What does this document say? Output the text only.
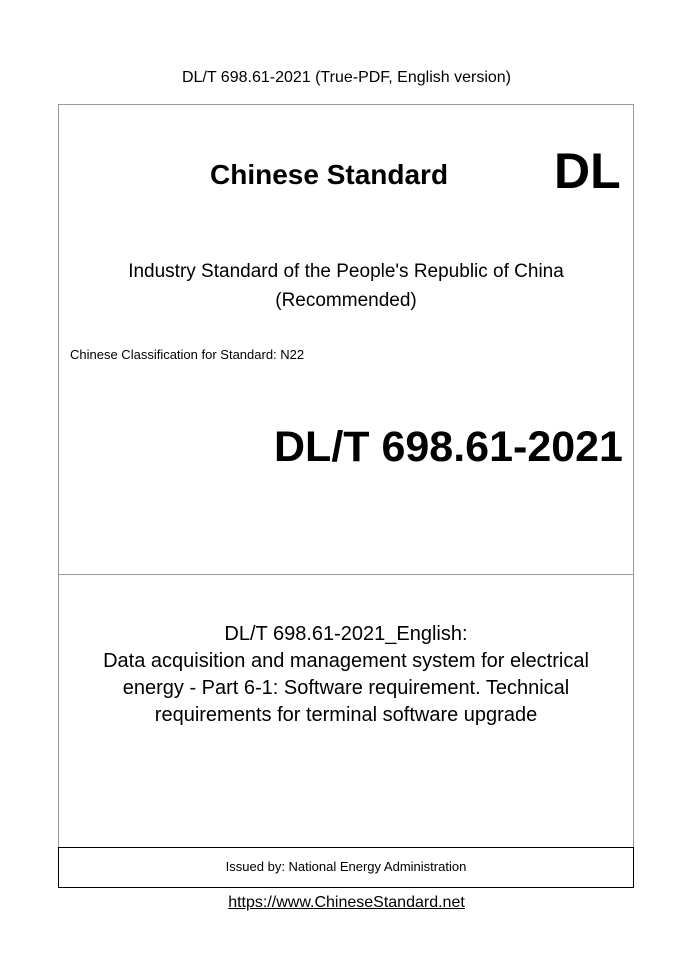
DL/T 698.61-2021 (True-PDF, English version)
Chinese Standard DL
Industry Standard of the People's Republic of China
(Recommended)
Chinese Classification for Standard: N22
DL/T 698.61-2021
DL/T 698.61-2021_English:
Data acquisition and management system for electrical
energy - Part 6-1: Software requirement. Technical
requirements for terminal software upgrade
Issued by: National Energy Administration
https://www.ChineseStandard.net
